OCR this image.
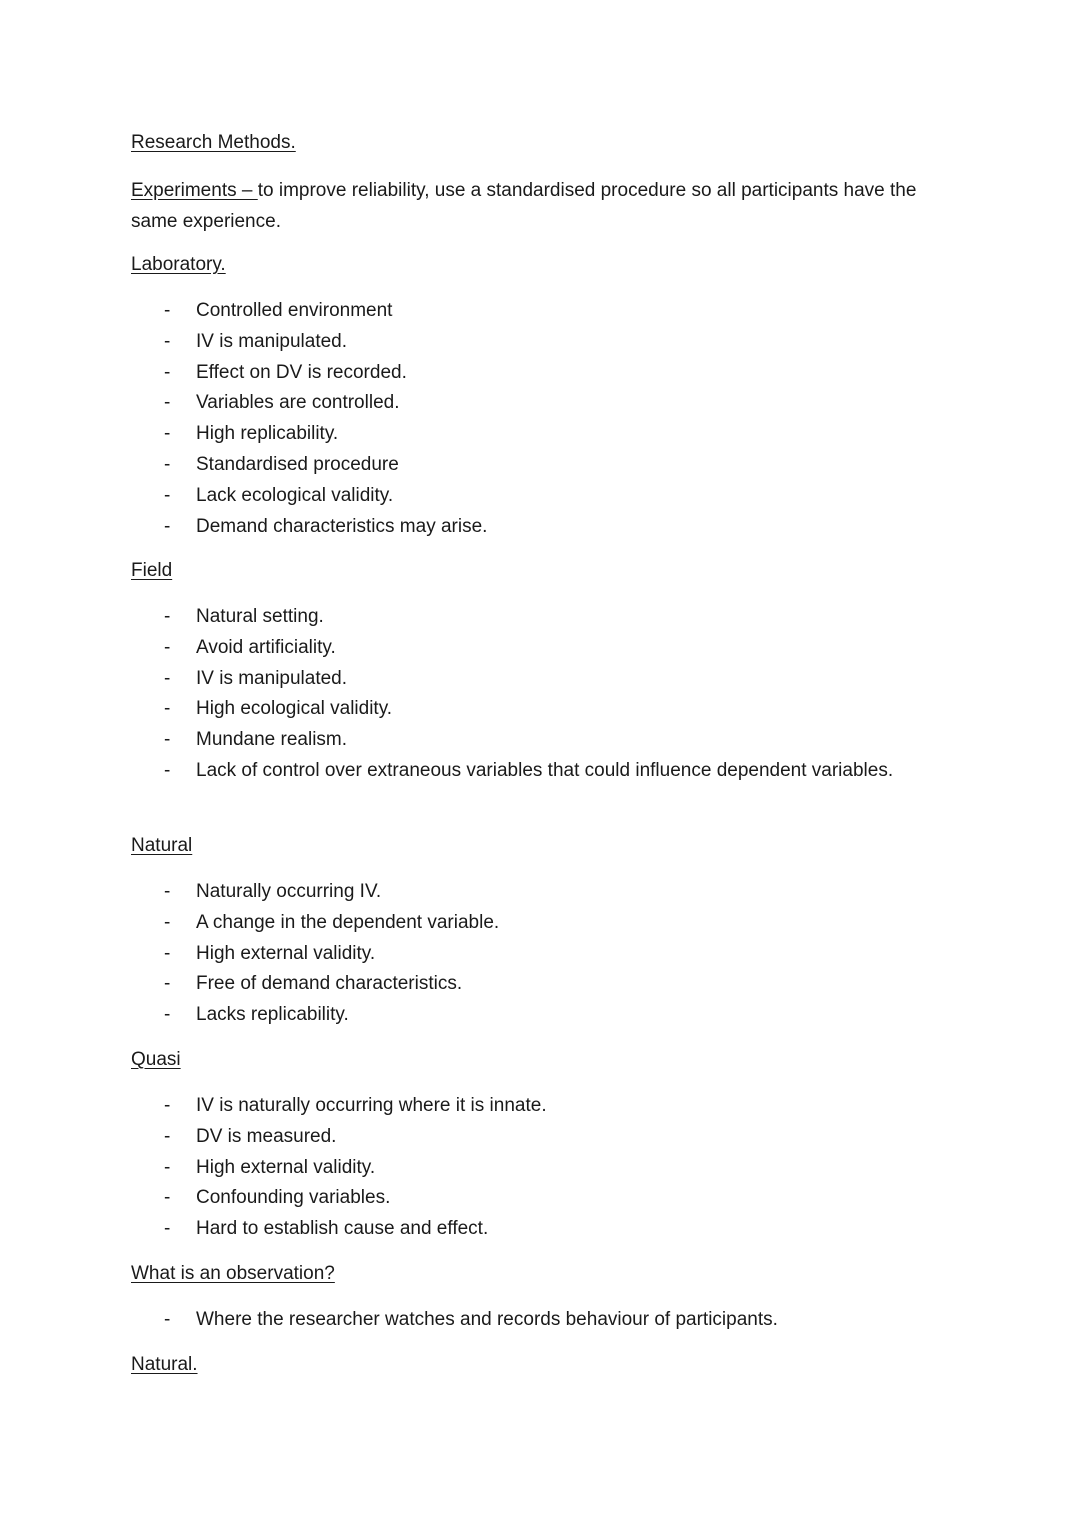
Research Methods.
Experiments – to improve reliability, use a standardised procedure so all participants have the same experience.
Laboratory.
- Controlled environment
- IV is manipulated.
- Effect on DV is recorded.
- Variables are controlled.
- High replicability.
- Standardised procedure
- Lack ecological validity.
- Demand characteristics may arise.
Field
- Natural setting.
- Avoid artificiality.
- IV is manipulated.
- High ecological validity.
- Mundane realism.
- Lack of control over extraneous variables that could influence dependent variables.
Natural
- Naturally occurring IV.
- A change in the dependent variable.
- High external validity.
- Free of demand characteristics.
- Lacks replicability.
Quasi
- IV is naturally occurring where it is innate.
- DV is measured.
- High external validity.
- Confounding variables.
- Hard to establish cause and effect.
What is an observation?
- Where the researcher watches and records behaviour of participants.
Natural.
